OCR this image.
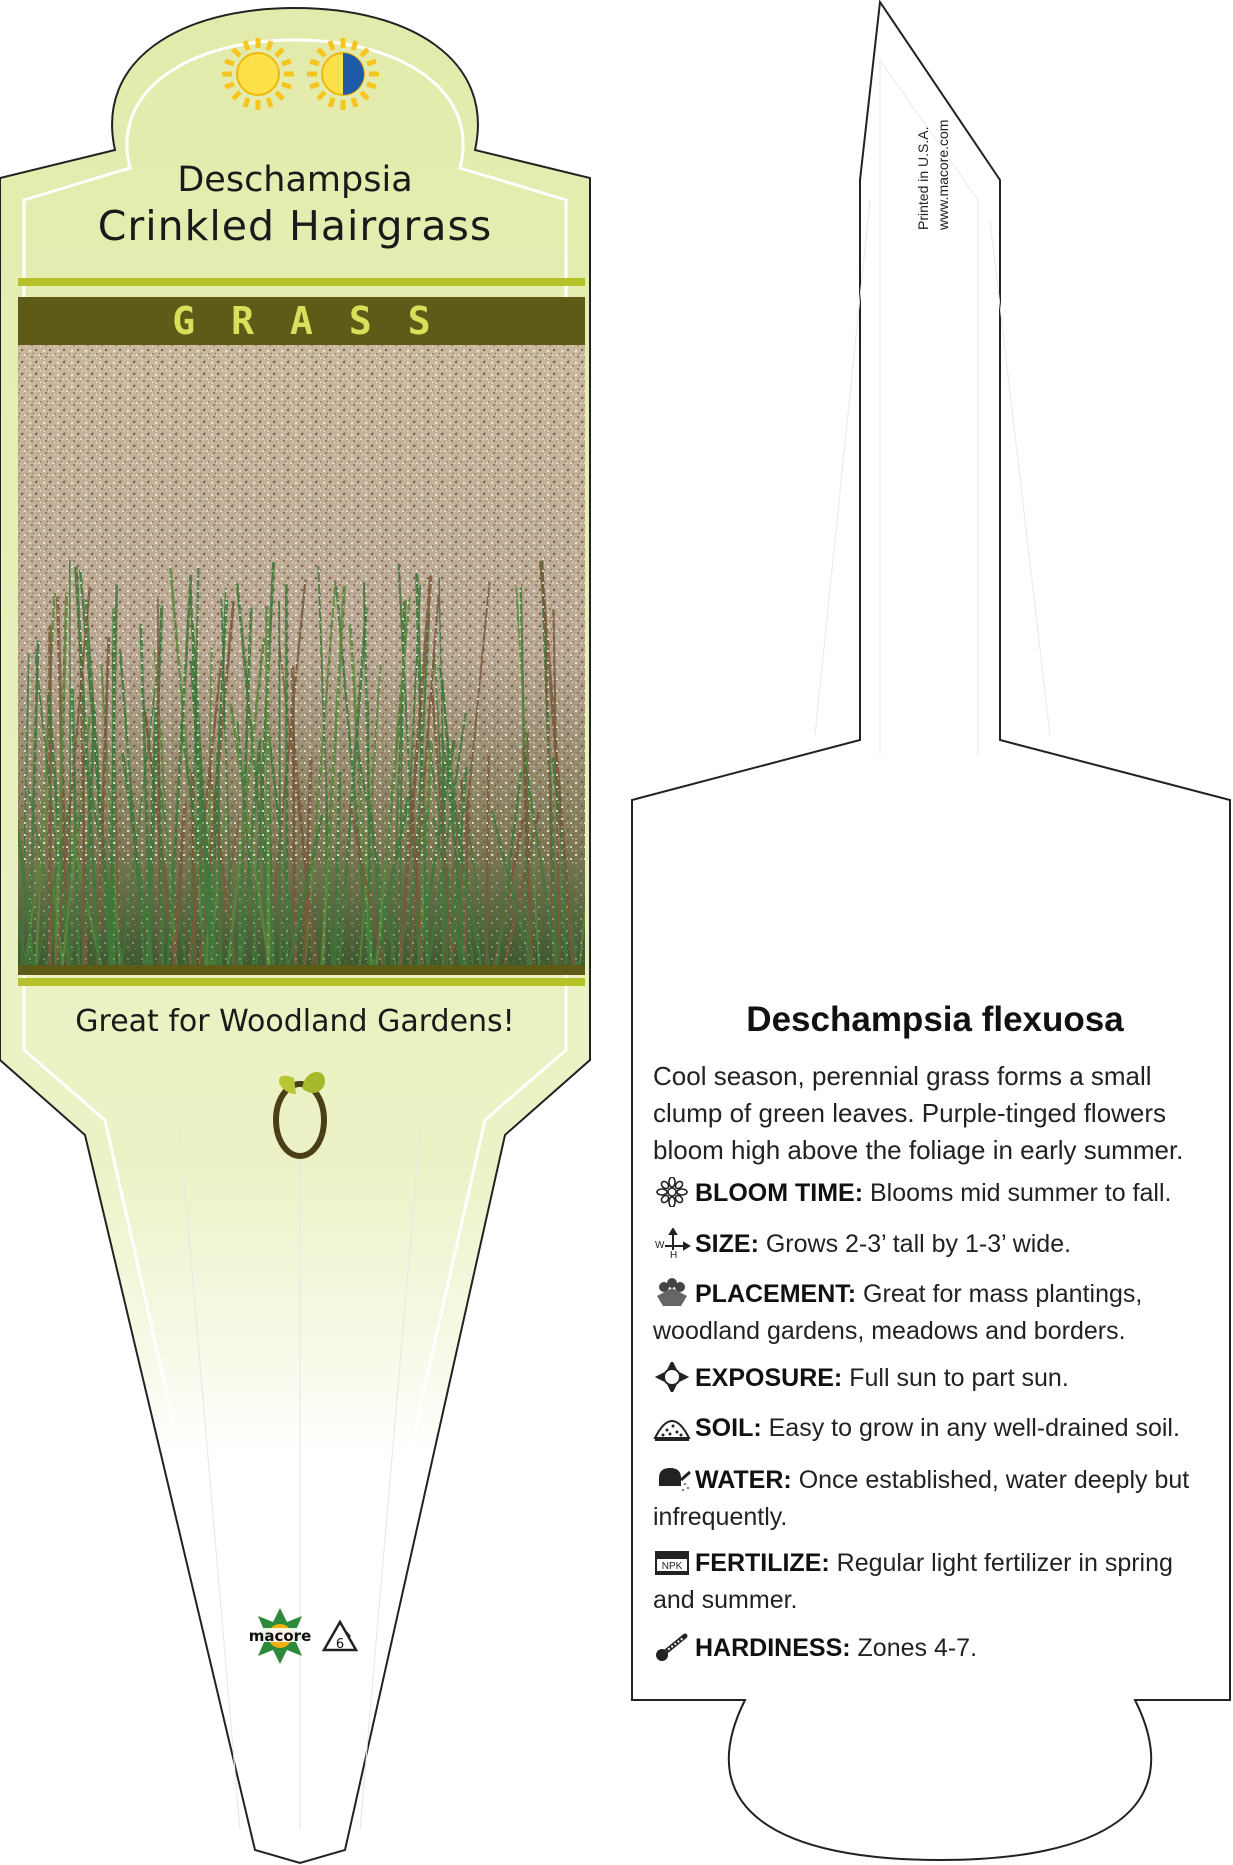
macore 6
Printed in U.S.A. www.macore.com
Deschampsia
Crinkled Hairgrass
GRASS
Great for Woodland Gardens!	Deschampsia flexuosa
Cool season, perennial grass forms a small clump of green leaves. Purple-tinged flowers bloom high above the foliage in early summer.
BLOOM TIME: Blooms mid summer to fall.
W
H SIZE: Grows 2-3’ tall by 1-3’ wide.
PLACEMENT: Great for mass plantings, woodland gardens, meadows and borders.
EXPOSURE: Full sun to part sun.
SOIL: Easy to grow in any well-drained soil.
WATER: Once established, water deeply but infrequently.
NPK FERTILIZE: Regular light fertilizer in spring and summer.
HARDINESS: Zones 4-7.
